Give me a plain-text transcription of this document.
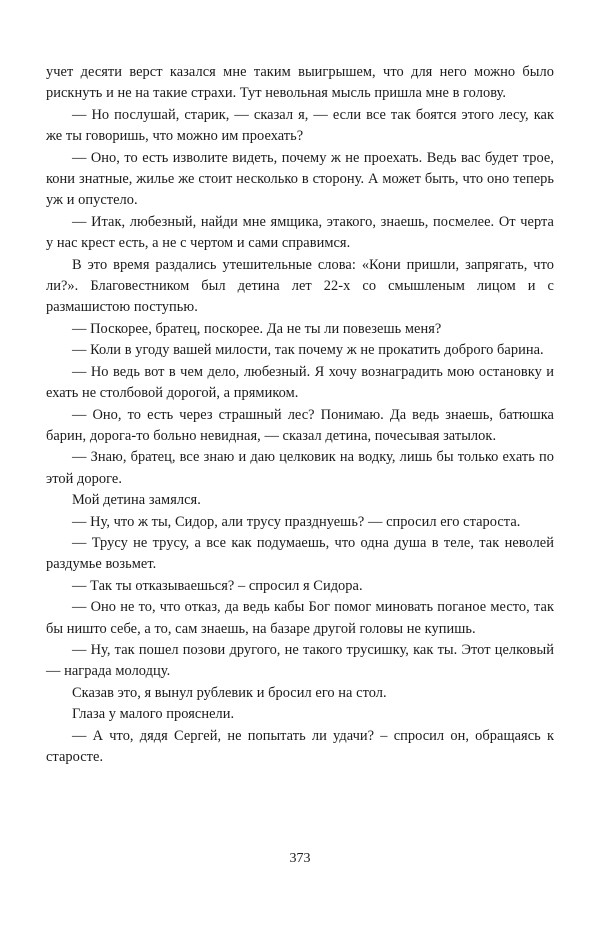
учет десяти верст казался мне таким выигрышем, что для него можно было рискнуть и не на такие страхи. Тут невольная мысль пришла мне в голову.

— Но послушай, старик, — сказал я, — если все так боятся этого лесу, как же ты говоришь, что можно им проехать?

— Оно, то есть изволите видеть, почему ж не проехать. Ведь вас будет трое, кони знатные, жилье же стоит несколько в сторону. А может быть, что оно теперь уж и опустело.

— Итак, любезный, найди мне ямщика, этакого, знаешь, посмелее. От черта у нас крест есть, а не с чертом и сами справимся.

В это время раздались утешительные слова: «Кони пришли, запрягать, что ли?». Благовестником был детина лет 22-х со смышленым лицом и с размашистою поступью.

— Поскорее, братец, поскорее. Да не ты ли повезешь меня?

— Коли в угоду вашей милости, так почему ж не прокатить доброго барина.

— Но ведь вот в чем дело, любезный. Я хочу вознаградить мою остановку и ехать не столбовой дорогой, а прямиком.

— Оно, то есть через страшный лес? Понимаю. Да ведь знаешь, батюшка барин, дорога-то больно невидная, — сказал детина, почесывая затылок.

— Знаю, братец, все знаю и даю целковик на водку, лишь бы только ехать по этой дороге.

Мой детина замялся.

— Ну, что ж ты, Сидор, али трусу празднуешь? — спросил его староста.

— Трусу не трусу, а все как подумаешь, что одна душа в теле, так неволей раздумье возьмет.

— Так ты отказываешься? – спросил я Сидора.

— Оно не то, что отказ, да ведь кабы Бог помог миновать поганое место, так бы ништо себе, а то, сам знаешь, на базаре другой головы не купишь.

— Ну, так пошел позови другого, не такого трусишку, как ты. Этот целковый — награда молодцу.

Сказав это, я вынул рублевик и бросил его на стол.

Глаза у малого прояснели.

— А что, дядя Сергей, не попытать ли удачи? – спросил он, обращаясь к старосте.

373
